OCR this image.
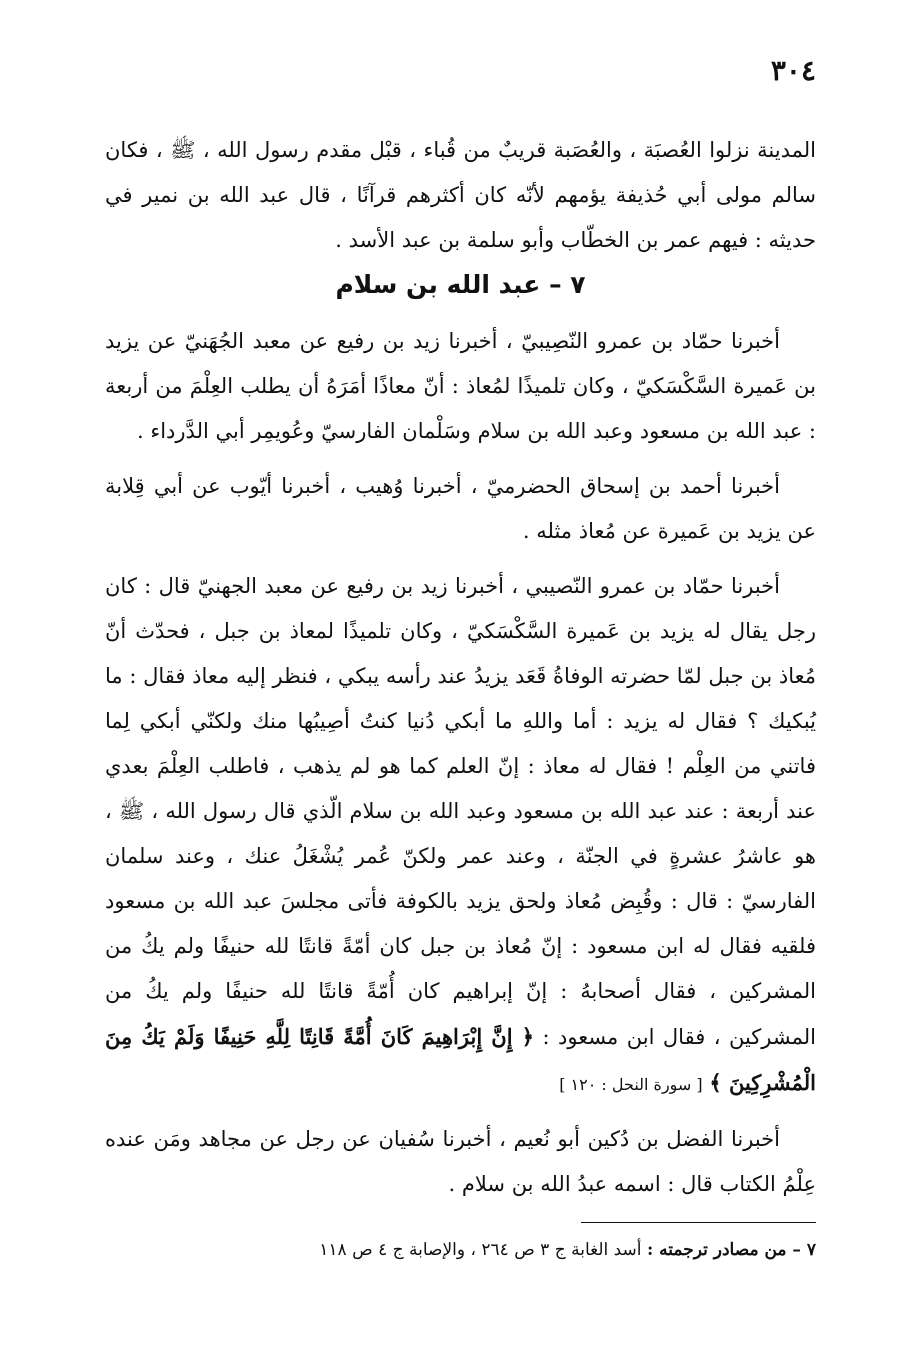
٣٠٤

المدينة نزلوا العُصبَة ، والعُصَبة قريبٌ من قُباء ، قبْل مقدم رسول الله ، ﷺ ، فكان سالم مولى أبي حُذيفة يؤمهم لأنّه كان أكثرهم قرآنًا ، قال عبد الله بن نمير في حديثه : فيهم عمر بن الخطّاب وأبو سلمة بن عبد الأسد .

٧ – عبد الله بن سلام

أخبرنا حمّاد بن عمرو النّصِيبيّ ، أخبرنا زيد بن رفيع عن معبد الجُهَنيّ عن يزيد بن عَميرة السَّكْسَكيّ ، وكان تلميذًا لمُعاذ : أنّ معاذًا أمَرَهُ أن يطلب العِلْمَ من أربعة : عبد الله بن مسعود وعبد الله بن سلام وسَلْمان الفارسيّ وعُويمِر أبي الدَّرداء .

أخبرنا أحمد بن إسحاق الحضرميّ ، أخبرنا وُهيب ، أخبرنا أيّوب عن أبي قِلابة عن يزيد بن عَميرة عن مُعاذ مثله .

أخبرنا حمّاد بن عمرو النّصيبي ، أخبرنا زيد بن رفيع عن معبد الجهنيّ قال : كان رجل يقال له يزيد بن عَميرة السَّكْسَكيّ ، وكان تلميذًا لمعاذ بن جبل ، فحدّث أنّ مُعاذ بن جبل لمّا حضرته الوفاةُ قَعَد يزيدُ عند رأسه يبكي ، فنظر إليه معاذ فقال : ما يُبكيك ؟ فقال له يزيد : أما واللهِ ما أبكي دُنيا كنتُ أصِيبُها منك ولكنّي أبكي لِما فاتني من العِلْم ! فقال له معاذ : إنّ العلم كما هو لم يذهب ، فاطلب العِلْمَ بعدي عند أربعة : عند عبد الله بن مسعود وعبد الله بن سلام الّذي قال رسول الله ، ﷺ ، هو عاشرُ عشرةٍ في الجنّة ، وعند عمر ولكنّ عُمر يُشْغَلُ عنك ، وعند سلمان الفارسيّ : قال : وقُبِض مُعاذ ولحق يزيد بالكوفة فأتى مجلسَ عبد الله بن مسعود فلقيه فقال له ابن مسعود : إنّ مُعاذ بن جبل كان أمّةً قانتًا لله حنيفًا ولم يكُ من المشركين ، فقال أصحابهُ : إنّ إبراهيم كان أُمّةً قانتًا لله حنيفًا ولم يكُ من المشركين ، فقال ابن مسعود : ﴿ إِنَّ إِبْرَاهِيمَ كَانَ أُمَّةً قَانِتًا لِلَّهِ حَنِيفًا وَلَمْ يَكُ مِنَ الْمُشْرِكِينَ ﴾ [ سورة النحل : ١٢٠ ]

أخبرنا الفضل بن دُكين أبو نُعيم ، أخبرنا سُفيان عن رجل عن مجاهد ومَن عنده عِلْمُ الكتاب قال : اسمه عبدُ الله بن سلام .

٧ – من مصادر ترجمته : أسد الغابة ج ٣ ص ٢٦٤ ، والإصابة ج ٤ ص ١١٨
